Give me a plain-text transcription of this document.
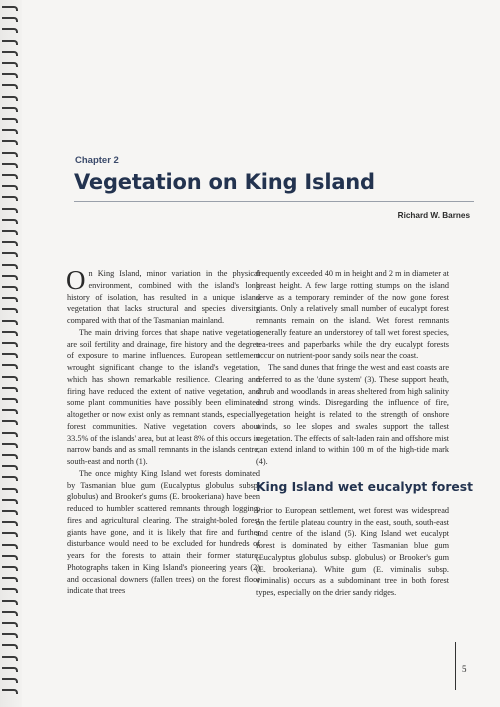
Chapter 2
Vegetation on King Island
Richard W. Barnes

On King Island, minor variation in the physical environment, combined with the island's long history of isolation, has resulted in a unique island vegetation that lacks structural and species diversity compared with that of the Tasmanian mainland.

The main driving forces that shape native vegetation are soil fertility and drainage, fire history and the degree of exposure to marine influences. European settlement wrought significant change to the island's vegetation, which has shown remarkable resilience. Clearing and firing have reduced the extent of native vegetation, and some plant communities have possibly been eliminated altogether or now exist only as remnant stands, especially forest communities. Native vegetation covers about 33.5% of the islands' area, but at least 8% of this occurs in narrow bands and as small remnants in the islands centre, south-east and north (1).

The once mighty King Island wet forests dominated by Tasmanian blue gum (Eucalyptus globulus subsp. globulus) and Brooker's gums (E. brookeriana) have been reduced to humbler scattered remnants through logging, fires and agricultural clearing. The straight-boled forest giants have gone, and it is likely that fire and further disturbance would need to be excluded for hundreds of years for the forests to attain their former stature. Photographs taken in King Island's pioneering years (2) and occasional downers (fallen trees) on the forest floor indicate that trees

frequently exceeded 40 m in height and 2 m in diameter at breast height. A few large rotting stumps on the island serve as a temporary reminder of the now gone forest giants. Only a relatively small number of eucalypt forest remnants remain on the island. Wet forest remnants generally feature an understorey of tall wet forest species, tea-trees and paperbarks while the dry eucalypt forests occur on nutrient-poor sandy soils near the coast.

The sand dunes that fringe the west and east coasts are referred to as the 'dune system' (3). These support heath, shrub and woodlands in areas sheltered from high salinity and strong winds. Disregarding the influence of fire, vegetation height is related to the strength of onshore winds, so lee slopes and swales support the tallest vegetation. The effects of salt-laden rain and offshore mist can extend inland to within 100 m of the high-tide mark (4).

King Island wet eucalypt forest

Prior to European settlement, wet forest was widespread on the fertile plateau country in the east, south, south-east and centre of the island (5). King Island wet eucalypt forest is dominated by either Tasmanian blue gum (Eucalyptus globulus subsp. globulus) or Brooker's gum (E. brookeriana). White gum (E. viminalis subsp. viminalis) occurs as a subdominant tree in both forest types, especially on the drier sandy ridges.

5
